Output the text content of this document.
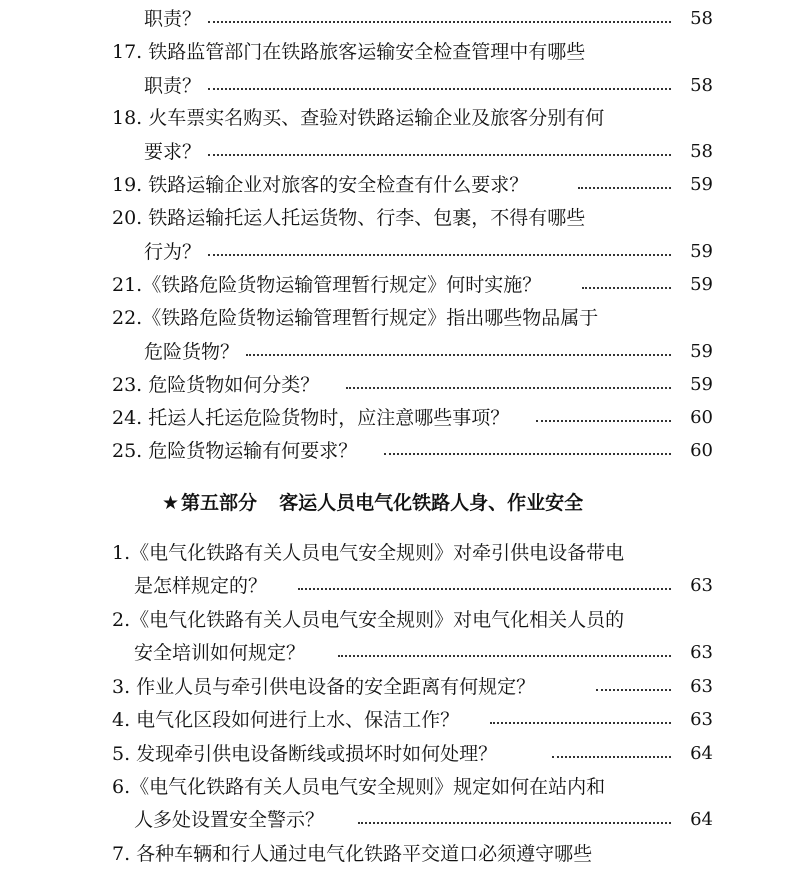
职责？	58
17. 铁路监管部门在铁路旅客运输安全检查管理中有哪些
职责？	58
18. 火车票实名购买、查验对铁路运输企业及旅客分别有何
要求？	58
19. 铁路运输企业对旅客的安全检查有什么要求？	59
20. 铁路运输托运人托运货物、行李、包裹，不得有哪些
行为？	59
21.《铁路危险货物运输管理暂行规定》何时实施？	59
22.《铁路危险货物运输管理暂行规定》指出哪些物品属于
危险货物？	59
23. 危险货物如何分类？	59
24. 托运人托运危险货物时，应注意哪些事项？	60
25. 危险货物运输有何要求？	60
★ 第五部分 客运人员电气化铁路人身、作业安全
1.《电气化铁路有关人员电气安全规则》对牵引供电设备带电
是怎样规定的？	63
2.《电气化铁路有关人员电气安全规则》对电气化相关人员的
安全培训如何规定？	63
3. 作业人员与牵引供电设备的安全距离有何规定？	63
4. 电气化区段如何进行上水、保洁工作？	63
5. 发现牵引供电设备断线或损坏时如何处理？	64
6.《电气化铁路有关人员电气安全规则》规定如何在站内和
人多处设置安全警示？	64
7. 各种车辆和行人通过电气化铁路平交道口必须遵守哪些
